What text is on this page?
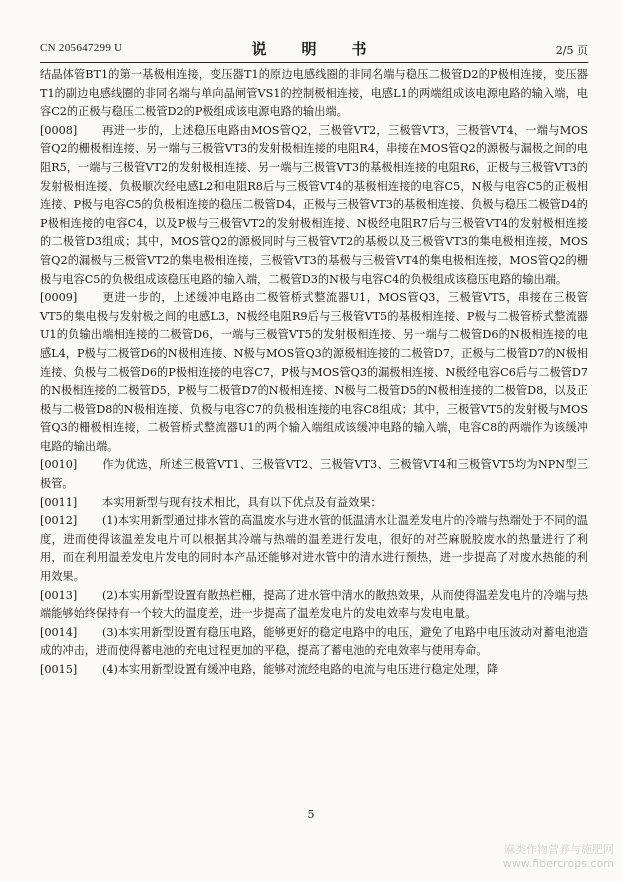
CN 205647299 U	说　明　书	2/5 页

结晶体管BT1的第一基极相连接，变压器T1的原边电感线圈的非同名端与稳压二极管D2的P极相连接，变压器T1的副边电感线圈的非同名端与单向晶闸管VS1的控制极相连接，电感L1的两端组成该电源电路的输入端，电容C2的正极与稳压二极管D2的P极组成该电源电路的输出端。

[0008] 再进一步的，上述稳压电路由MOS管Q2，三极管VT2，三极管VT3，三极管VT4，一端与MOS管Q2的栅极相连接、另一端与三极管VT3的发射极相连接的电阻R4，串接在MOS管Q2的源极与漏极之间的电阻R5，一端与三极管VT2的发射极相连接、另一端与三极管VT3的基极相连接的电阻R6，正极与三极管VT3的发射极相连接、负极顺次经电感L2和电阻R8后与三极管VT4的基极相连接的电容C5，N极与电容C5的正极相连接、P极与电容C5的负极相连接的稳压二极管D4，正极与三极管VT3的基极相连接、负极与稳压二极管D4的P极相连接的电容C4，以及P极与三极管VT2的发射极相连接、N极经电阻R7后与三极管VT4的发射极相连接的二极管D3组成；其中，MOS管Q2的源极同时与三极管VT2的基极以及三极管VT3的集电极相连接，MOS管Q2的漏极与三极管VT2的集电极相连接，三极管VT3的基极与三极管VT4的集电极相连接，MOS管Q2的栅极与电容C5的负极组成该稳压电路的输入端，二极管D3的N极与电容C4的负极组成该稳压电路的输出端。

[0009] 更进一步的，上述缓冲电路由二极管桥式整流器U1，MOS管Q3，三极管VT5，串接在三极管VT5的集电极与发射极之间的电感L3，N极经电阻R9后与三极管VT5的基极相连接、P极与二极管桥式整流器U1的负输出端相连接的二极管D6，一端与三极管VT5的发射极相连接、另一端与二极管D6的N极相连接的电感L4，P极与二极管D6的N极相连接、N极与MOS管Q3的源极相连接的二极管D7，正极与二极管D7的N极相连接、负极与二极管D6的P极相连接的电容C7，P极与MOS管Q3的漏极相连接、N极经电容C6后与二极管D7的N极相连接的二极管D5，P极与二极管D7的N极相连接、N极与二极管D5的N极相连接的二极管D8，以及正极与二极管D8的N极相连接、负极与电容C7的负极相连接的电容C8组成；其中，三极管VT5的发射极与MOS管Q3的栅极相连接，二极管桥式整流器U1的两个输入端组成该缓冲电路的输入端，电容C8的两端作为该缓冲电路的输出端。

[0010] 作为优选，所述三极管VT1、三极管VT2、三极管VT3、三极管VT4和三极管VT5均为NPN型三极管。

[0011] 本实用新型与现有技术相比，具有以下优点及有益效果：

[0012] (1)本实用新型通过排水管的高温废水与进水管的低温清水让温差发电片的冷端与热端处于不同的温度，进而使得该温差发电片可以根据其冷端与热端的温差进行发电，很好的对苎麻脱胶废水的热量进行了利用，而在利用温差发电片发电的同时本产品还能够对进水管中的清水进行预热，进一步提高了对废水热能的利用效果。

[0013] (2)本实用新型设置有散热栏栅，提高了进水管中清水的散热效果，从而使得温差发电片的冷端与热端能够始终保持有一个较大的温度差，进一步提高了温差发电片的发电效率与发电电量。

[0014] (3)本实用新型设置有稳压电路，能够更好的稳定电路中的电压，避免了电路中电压波动对蓄电池造成的冲击，进而使得蓄电池的充电过程更加的平稳，提高了蓄电池的充电效率与使用寿命。

[0015] (4)本实用新型设置有缓冲电路，能够对流经电路的电流与电压进行稳定处理，降

5
麻类作物营养与施肥网
www.fibercrops.com
